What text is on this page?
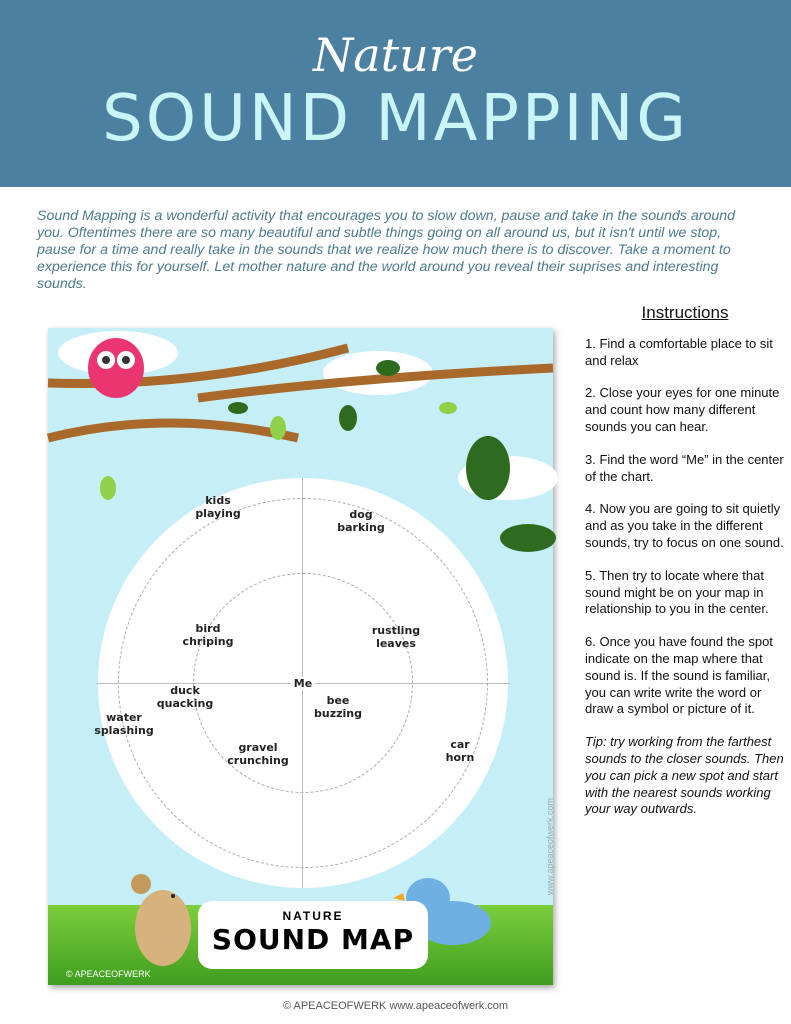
Nature
SOUND MAPPING
Sound Mapping is a wonderful activity that encourages you to slow down, pause and take in the sounds around you. Oftentimes there are so many beautiful and subtle things going on all around us, but it isn't until we stop, pause for a time and really take in the sounds that we realize how much there is to discover. Take a moment to experience this for yourself. Let mother nature and the world around you reveal their suprises and interesting sounds.
Me
kids
playing	dog
barking
bird
chriping
rustling
leaves
duck
quacking	bee
buzzing
water
splashing
gravel
crunching
car
horn
www.apeaceofwerk.com
NATURE
SOUND MAP
© APEACEOFWERK
Instructions

1. Find a comfortable place to sit and relax

2. Close your eyes for one minute and count how many different sounds you can hear.

3. Find the word “Me” in the center of the chart.

4. Now you are going to sit quietly and as you take in the different sounds, try to focus on one sound.

5. Then try to locate where that sound might be on your map in relationship to you in the center.

6. Once you have found the spot indicate on the map where that sound is. If the sound is familiar, you can write write the word or draw a symbol or picture of it.

Tip: try working from the farthest sounds to the closer sounds. Then you can pick a new spot and start with the nearest sounds working your way outwards.

© APEACEOFWERK www.apeaceofwerk.com
